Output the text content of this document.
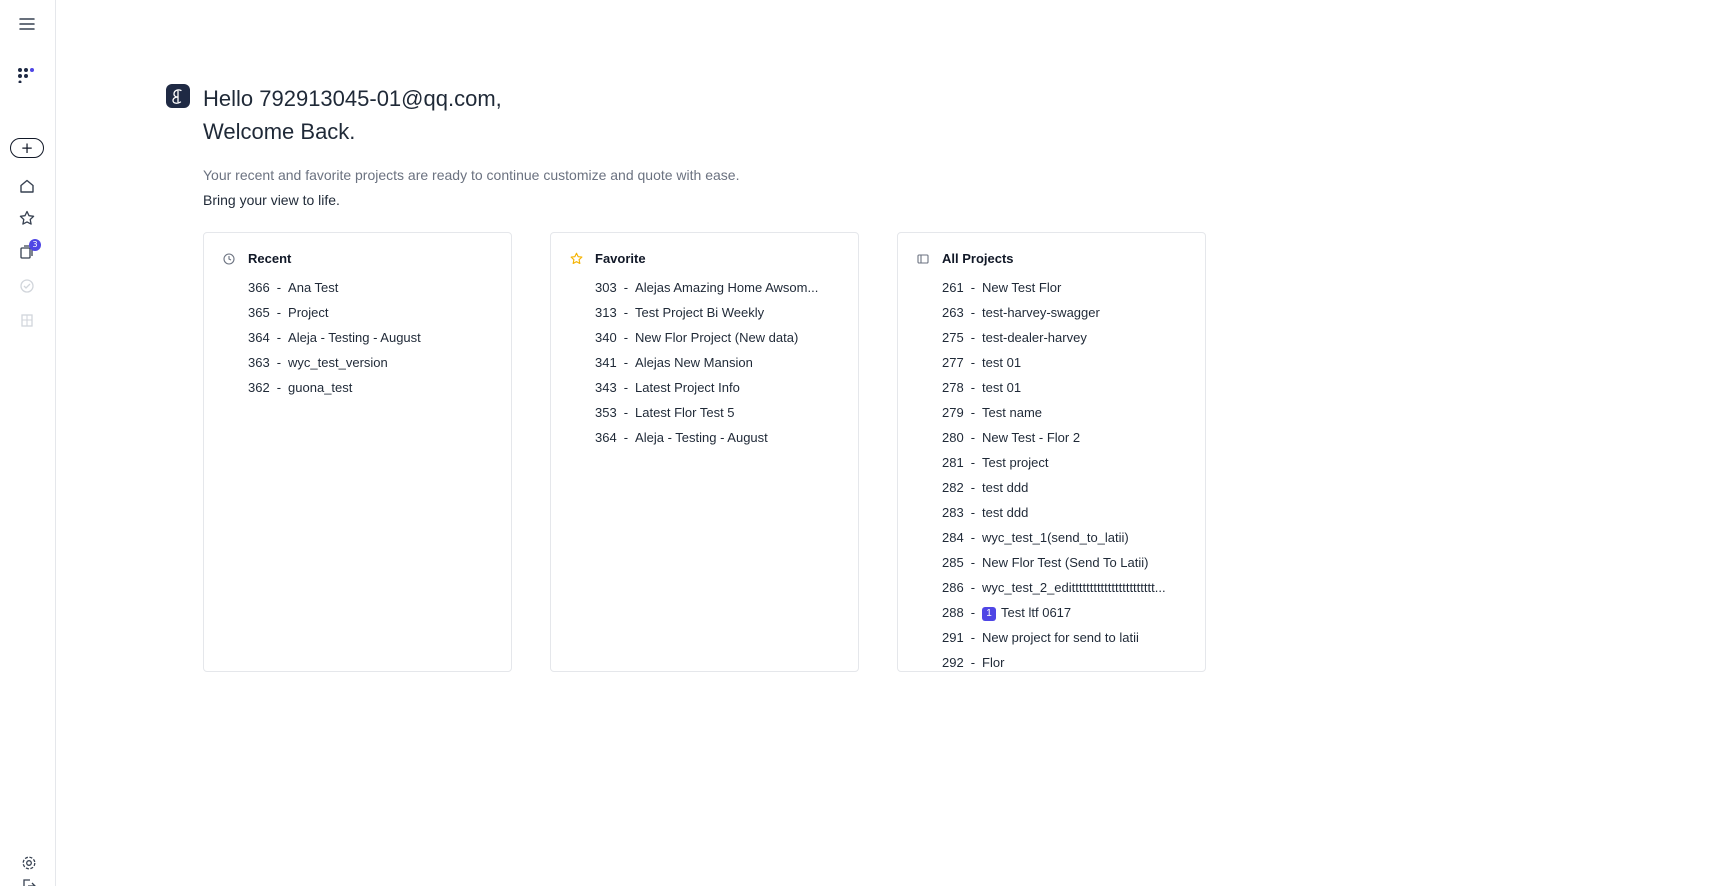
+
3
Hello 792913045-01@qq.com,
Welcome Back.
Your recent and favorite projects are ready to continue customize and quote with ease.
Bring your view to life.
Recent
366 - Ana Test
365 - Project
364 - Aleja - Testing - August
363 - wyc_test_version
362 - guona_test
Favorite
303 - Alejas Amazing Home Awsom...
313 - Test Project Bi Weekly
340 - New Flor Project (New data)
341 - Alejas New Mansion
343 - Latest Project Info
353 - Latest Flor Test 5
364 - Aleja - Testing - August
All Projects
261 - New Test Flor
263 - test-harvey-swagger
275 - test-dealer-harvey
277 - test 01
278 - test 01
279 - Test name
280 - New Test - Flor 2
281 - Test project
282 - test ddd
283 - test ddd
284 - wyc_test_1(send_to_latii)
285 - New Flor Test (Send To Latii)
286 - wyc_test_2_edittttttttttttttttttttttt...
288 - 1 Test ltf 0617
291 - New project for send to latii
292 - Flor
